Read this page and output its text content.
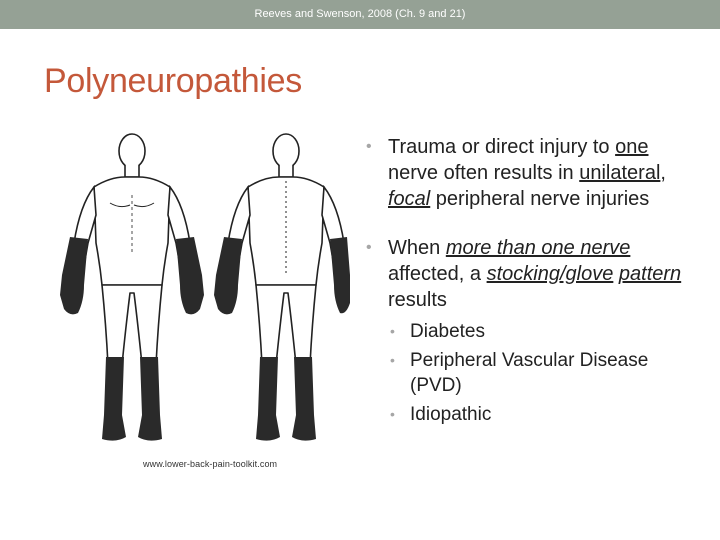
Reeves and Swenson, 2008 (Ch. 9 and 21)
Polyneuropathies
www.lower-back-pain-toolkit.com
• Trauma or direct injury to one nerve often results in unilateral, focal peripheral nerve injuries
• When more than one nerve affected, a stocking/glove pattern results
• Diabetes
• Peripheral Vascular Disease (PVD)
• Idiopathic
